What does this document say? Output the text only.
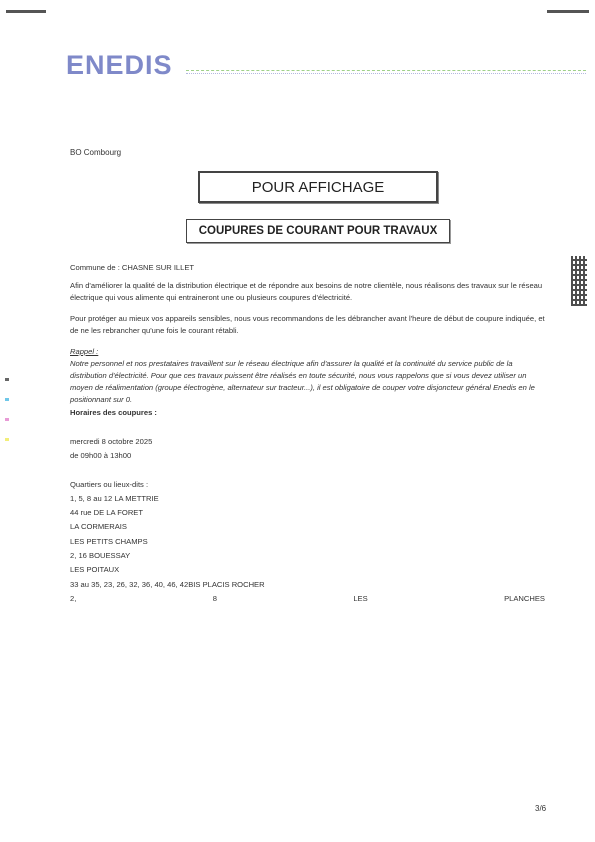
ENEDIS
BO Combourg
POUR AFFICHAGE
COUPURES DE COURANT POUR TRAVAUX
Commune de : CHASNE SUR ILLET
Afin d'améliorer la qualité de la distribution électrique et de répondre aux besoins de notre clientèle, nous réalisons des travaux sur le réseau électrique qui vous alimente qui entraineront une ou plusieurs coupures d'électricité.
Pour protéger au mieux vos appareils sensibles, nous vous recommandons de les débrancher avant l'heure de début de coupure indiquée, et de ne les rebrancher qu'une fois le courant rétabli.
Rappel :
Notre personnel et nos prestataires travaillent sur le réseau électrique afin d'assurer la qualité et la continuité du service public de la distribution d'électricité. Pour que ces travaux puissent être réalisés en toute sécurité, nous vous rappelons que si vous devez utiliser un moyen de réalimentation (groupe électrogène, alternateur sur tracteur...), il est obligatoire de couper votre disjoncteur général Enedis en le positionnant sur 0.
Horaires des coupures :
mercredi 8 octobre 2025
de 09h00 à 13h00
Quartiers ou lieux-dits :
1, 5, 8 au 12 LA METTRIE
44 rue DE LA FORET
LA CORMERAIS
LES PETITS CHAMPS
2, 16 BOUESSAY
LES POITAUX
33 au 35, 23, 26, 32, 36, 40, 46, 42BIS PLACIS ROCHER
2,	8	LES	PLANCHES
3/6
